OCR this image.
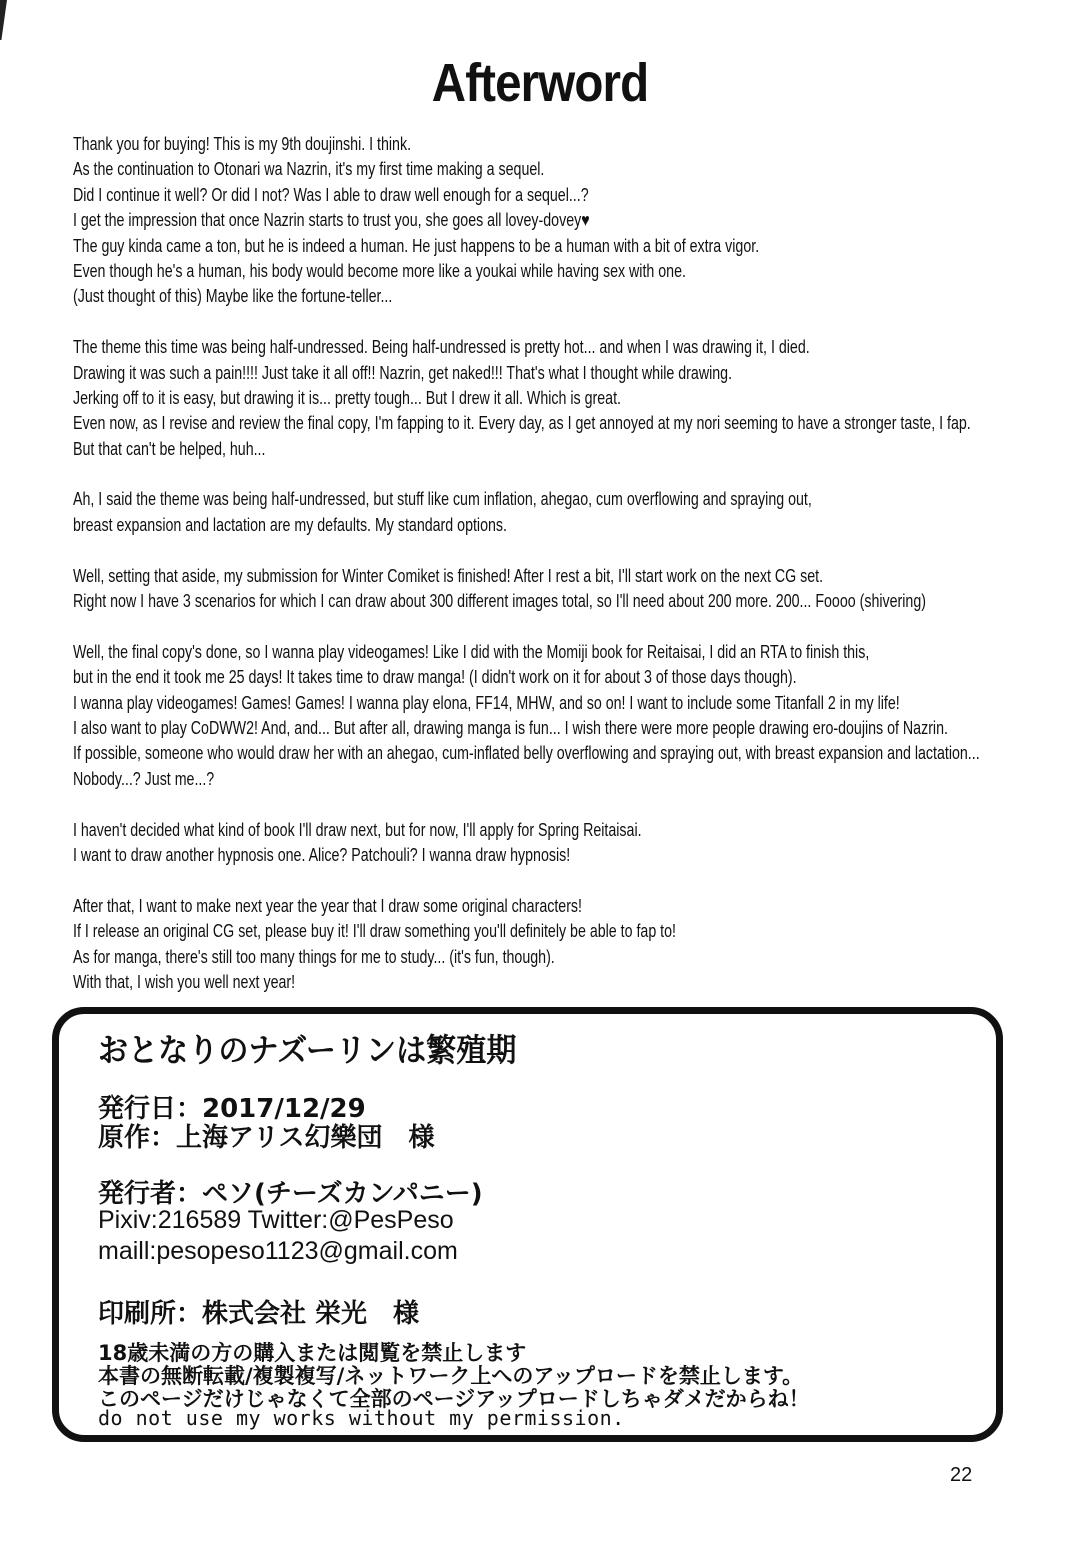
Afterword
Thank you for buying! This is my 9th doujinshi. I think.
As the continuation to Otonari wa Nazrin, it's my first time making a sequel.
Did I continue it well? Or did I not? Was I able to draw well enough for a sequel...?
I get the impression that once Nazrin starts to trust you, she goes all lovey-dovey♥
The guy kinda came a ton, but he is indeed a human. He just happens to be a human with a bit of extra vigor.
Even though he's a human, his body would become more like a youkai while having sex with one.
(Just thought of this) Maybe like the fortune-teller...
The theme this time was being half-undressed. Being half-undressed is pretty hot... and when I was drawing it, I died.
Drawing it was such a pain!!!! Just take it all off!! Nazrin, get naked!!! That's what I thought while drawing.
Jerking off to it is easy, but drawing it is... pretty tough... But I drew it all. Which is great.
Even now, as I revise and review the final copy, I'm fapping to it. Every day, as I get annoyed at my nori seeming to have a stronger taste, I fap.
But that can't be helped, huh...
Ah, I said the theme was being half-undressed, but stuff like cum inflation, ahegao, cum overflowing and spraying out,
breast expansion and lactation are my defaults. My standard options.
Well, setting that aside, my submission for Winter Comiket is finished! After I rest a bit, I'll start work on the next CG set.
Right now I have 3 scenarios for which I can draw about 300 different images total, so I'll need about 200 more. 200... Foooo (shivering)
Well, the final copy's done, so I wanna play videogames! Like I did with the Momiji book for Reitaisai, I did an RTA to finish this,
but in the end it took me 25 days! It takes time to draw manga! (I didn't work on it for about 3 of those days though).
I wanna play videogames! Games! Games! I wanna play elona, FF14, MHW, and so on! I want to include some Titanfall 2 in my life!
I also want to play CoDWW2! And, and... But after all, drawing manga is fun... I wish there were more people drawing ero-doujins of Nazrin.
If possible, someone who would draw her with an ahegao, cum-inflated belly overflowing and spraying out, with breast expansion and lactation...
Nobody...? Just me...?
I haven't decided what kind of book I'll draw next, but for now, I'll apply for Spring Reitaisai.
I want to draw another hypnosis one. Alice? Patchouli? I wanna draw hypnosis!
After that, I want to make next year the year that I draw some original characters!
If I release an original CG set, please buy it! I'll draw something you'll definitely be able to fap to!
As for manga, there's still too many things for me to study... (it's fun, though).
With that, I wish you well next year!
おとなりのナズーリンは繁殖期
発行日：2017/12/29
原作：上海アリス幻樂団　様
発行者：ペソ(チーズカンパニー)
Pixiv:216589 Twitter:@PesPeso
maill:pesopeso1123@gmail.com
印刷所：株式会社 栄光　様
18歳未満の方の購入または閲覧を禁止します
本書の無断転載/複製複写/ネットワーク上へのアップロードを禁止します。
このページだけじゃなくて全部のページアップロードしちゃダメだからね！
do not use my works without my permission.
22
